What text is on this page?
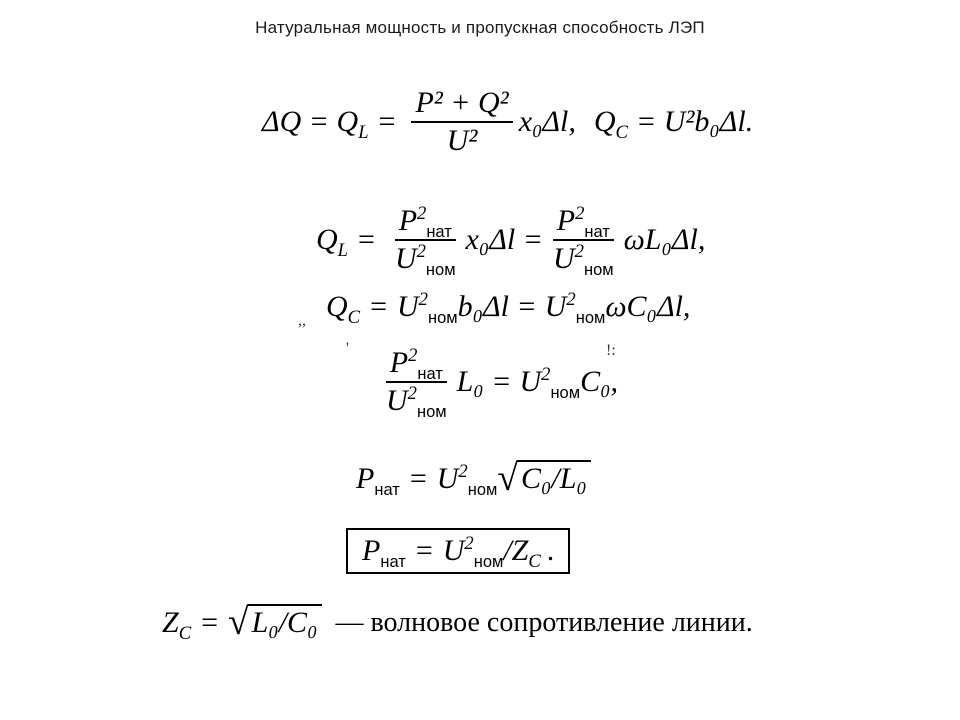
Натуральная мощность и пропускная способность ЛЭП
$\Delta Q = Q_L = \frac{\text{P² + Q²}}{\text{U²}} x_0\Delta l$, $Q_C = U^2b_0\Delta l$.
$Q_L = \frac{P^2_{нат}}{U^2_{ном}} x_0\Delta l = \frac{P^2_{нат}}{U^2_{ном}} \omega L_0\Delta l$,
$Q_C = U^2_{ном}$ $b_0\Delta l = U^2_{ном}$ ωC₀Δl,
,,
'	!:
$\frac{P^2_{нат}}{U^2_{ном}} L_0 = U^2_{ном}$ C₀,
$P_{нат} = U^2_{ном}$ √ C₀/L₀
$P_{нат} = U^2_{ном}$ $/Z_C$ .
$Z_C$ = √ L₀/C₀ — волновое сопротивление линии.
